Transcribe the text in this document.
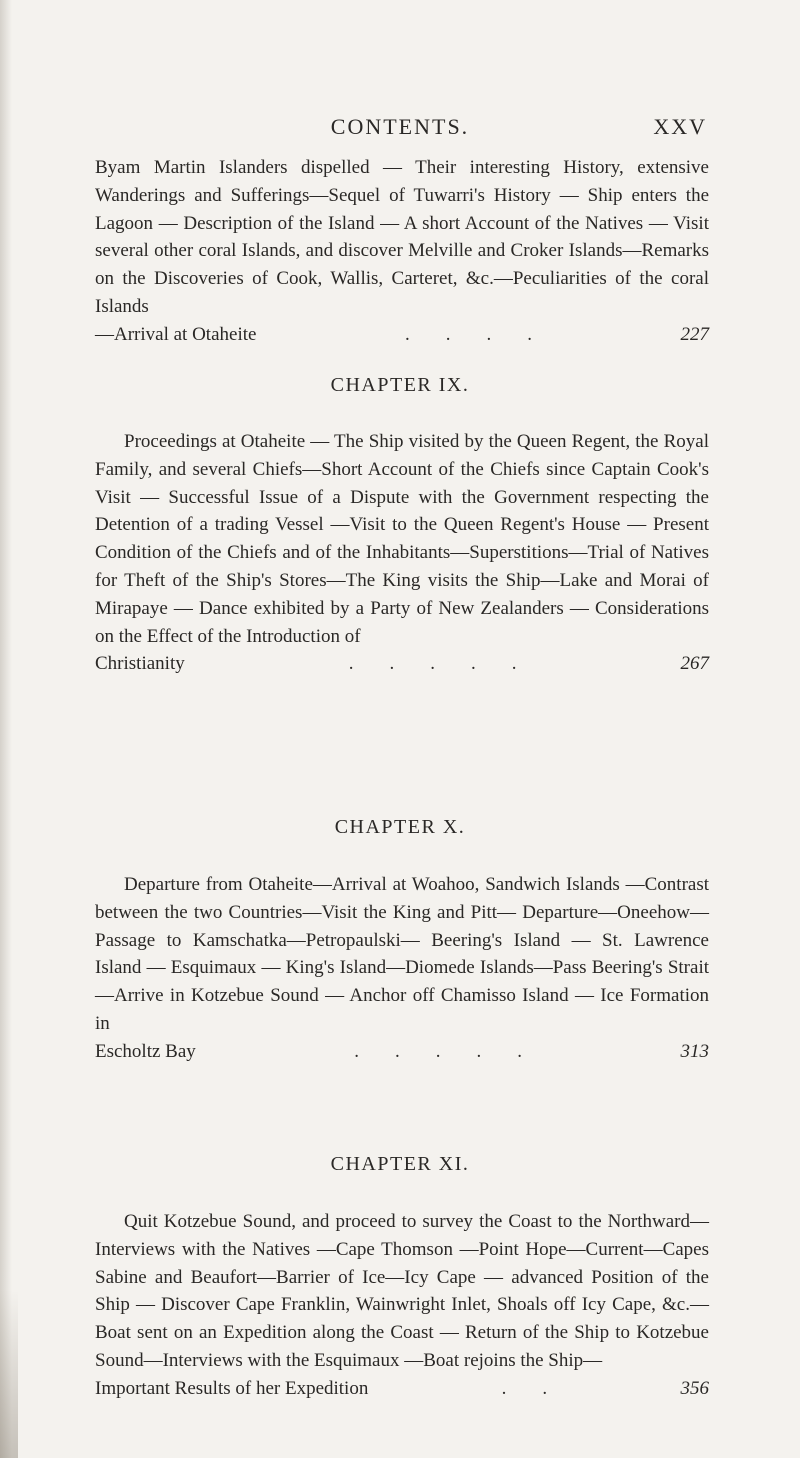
CONTENTS.	XXV

Byam Martin Islanders dispelled — Their interesting History, extensive Wanderings and Sufferings—Sequel of Tuwarri's History — Ship enters the Lagoon — Description of the Island — A short Account of the Natives — Visit several other coral Islands, and discover Melville and Croker Islands—Remarks on the Discoveries of Cook, Wallis, Carteret, &c.—Peculiarities of the coral Islands

—Arrival at Otaheite	....	227
CHAPTER IX.

Proceedings at Otaheite — The Ship visited by the Queen Regent, the Royal Family, and several Chiefs—Short Account of the Chiefs since Captain Cook's Visit — Successful Issue of a Dispute with the Government respecting the Detention of a trading Vessel —Visit to the Queen Regent's House — Present Condition of the Chiefs and of the Inhabitants—Superstitions—Trial of Natives for Theft of the Ship's Stores—The King visits the Ship—Lake and Morai of Mirapaye — Dance exhibited by a Party of New Zealanders — Considerations on the Effect of the Introduction of

Christianity	.....	267
CHAPTER X.

Departure from Otaheite—Arrival at Woahoo, Sandwich Islands —Contrast between the two Countries—Visit the King and Pitt— Departure—Oneehow—Passage to Kamschatka—Petropaulski— Beering's Island — St. Lawrence Island — Esquimaux — King's Island—Diomede Islands—Pass Beering's Strait—Arrive in Kotzebue Sound — Anchor off Chamisso Island — Ice Formation in

Escholtz Bay	.....	313
CHAPTER XI.

Quit Kotzebue Sound, and proceed to survey the Coast to the Northward—Interviews with the Natives —Cape Thomson —Point Hope—Current—Capes Sabine and Beaufort—Barrier of Ice—Icy Cape — advanced Position of the Ship — Discover Cape Franklin, Wainwright Inlet, Shoals off Icy Cape, &c.—Boat sent on an Expedition along the Coast — Return of the Ship to Kotzebue Sound—Interviews with the Esquimaux —Boat rejoins the Ship—

Important Results of her Expedition	..	356
